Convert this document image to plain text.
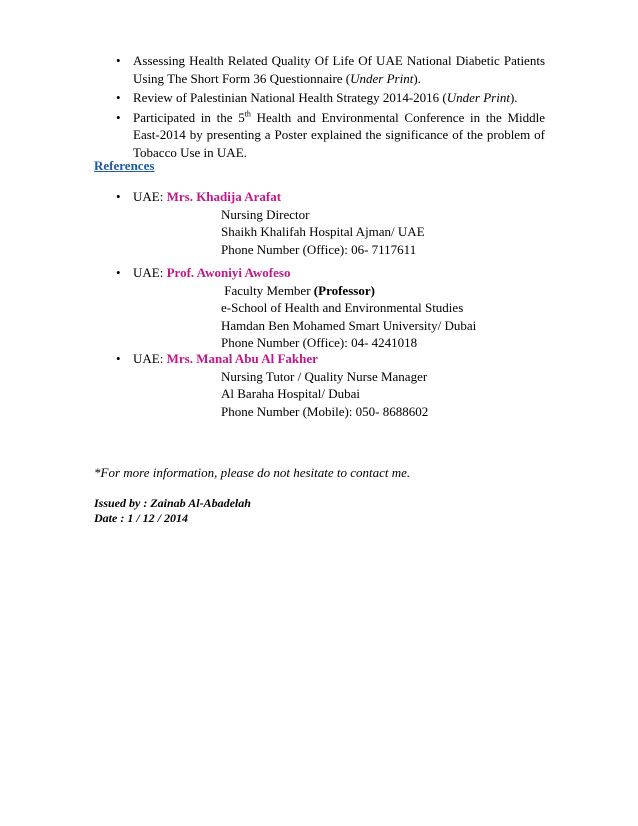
• Assessing Health Related Quality Of Life Of UAE National Diabetic Patients Using The Short Form 36 Questionnaire (Under Print).
• Review of Palestinian National Health Strategy 2014-2016 (Under Print).
• Participated in the 5th Health and Environmental Conference in the Middle East-2014 by presenting a Poster explained the significance of the problem of Tobacco Use in UAE.
References
• UAE: Mrs. Khadija Arafat
Nursing Director
Shaikh Khalifah Hospital Ajman/ UAE
Phone Number (Office): 06- 7117611
• UAE: Prof. Awoniyi Awofeso
Faculty Member (Professor)
e-School of Health and Environmental Studies
Hamdan Ben Mohamed Smart University/ Dubai
Phone Number (Office): 04- 4241018
• UAE: Mrs. Manal Abu Al Fakher
Nursing Tutor / Quality Nurse Manager
Al Baraha Hospital/ Dubai
Phone Number (Mobile): 050- 8688602
*For more information, please do not hesitate to contact me.
Issued by : Zainab Al-Abadelah
Date : 1 / 12 / 2014
